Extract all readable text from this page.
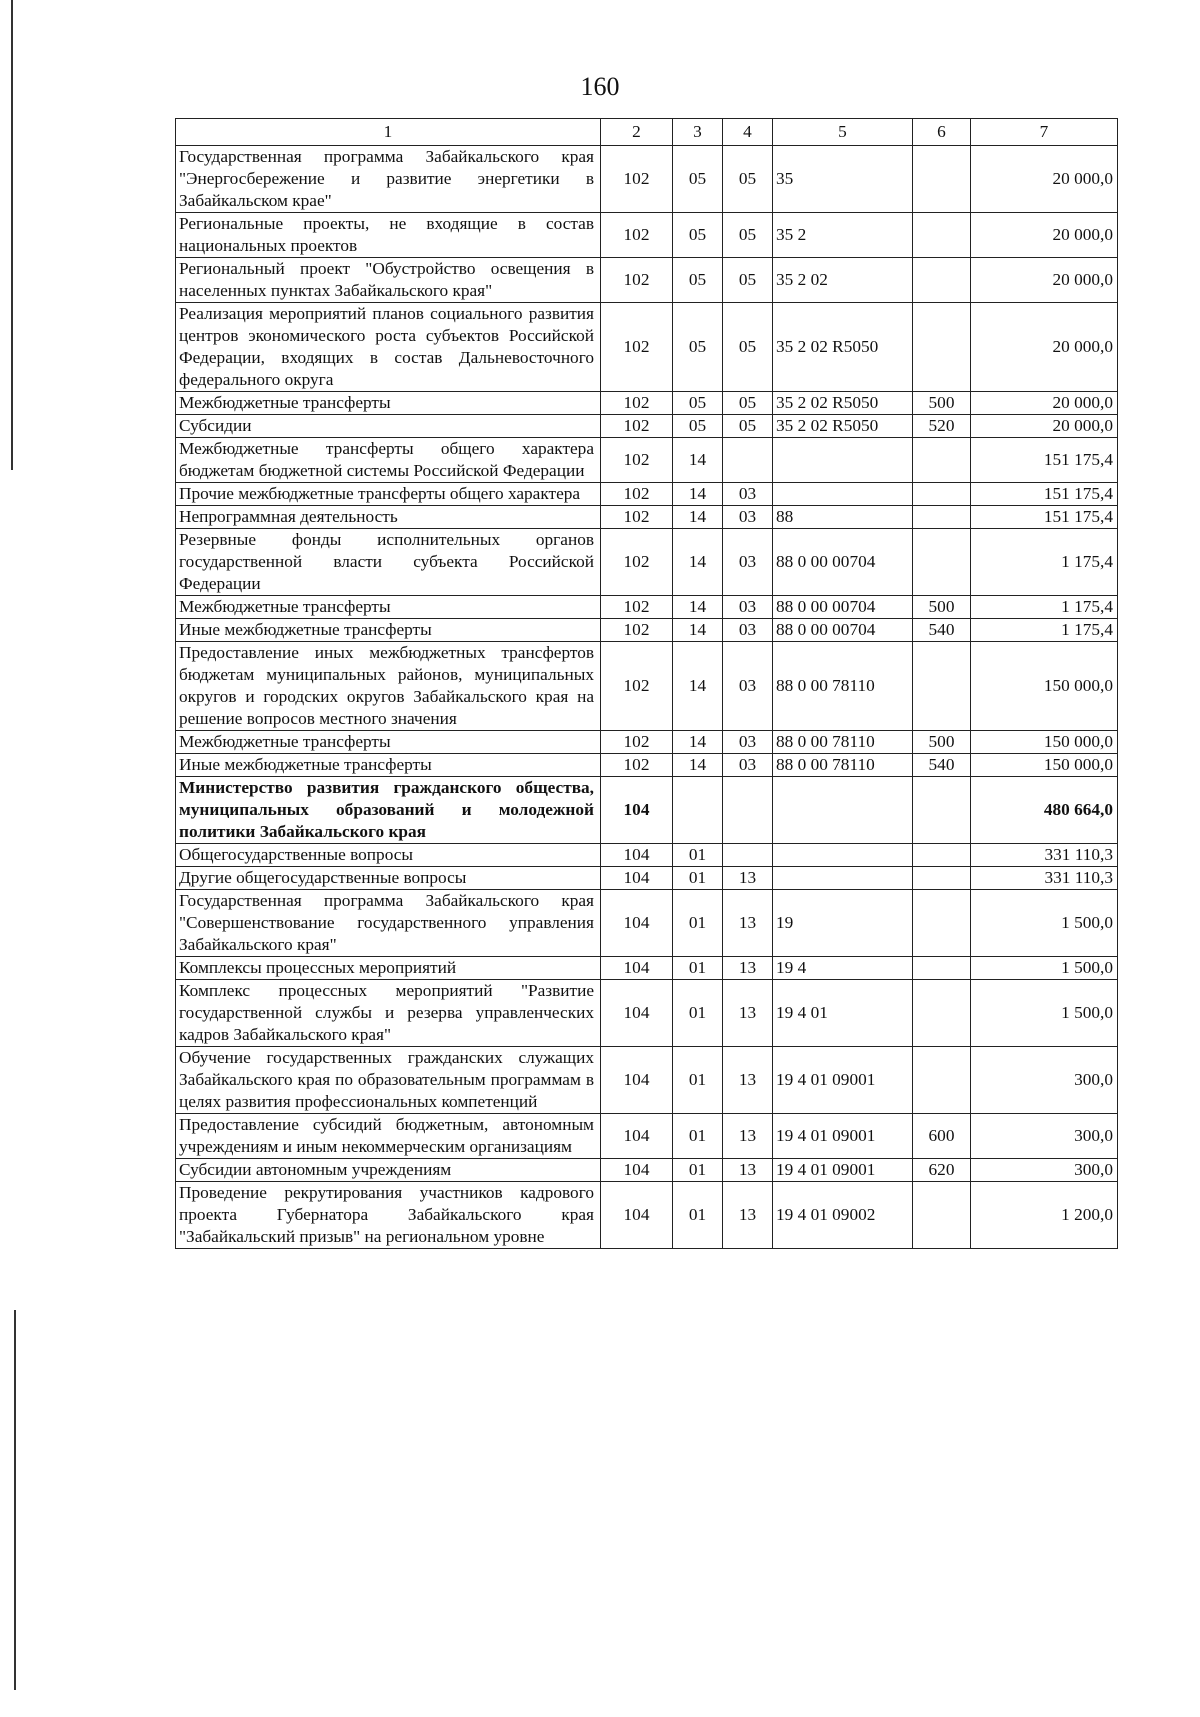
160
1	2	3	4	5	6	7
Государственная программа Забайкальского края "Энергосбережение и развитие энергетики в Забайкальском крае"	102	05	05	35		20 000,0
Региональные проекты, не входящие в состав национальных проектов	102	05	05	35 2		20 000,0
Региональный проект "Обустройство освещения в населенных пунктах Забайкальского края"	102	05	05	35 2 02		20 000,0
Реализация мероприятий планов социального развития центров экономического роста субъектов Российской Федерации, входящих в состав Дальневосточного федерального округа	102	05	05	35 2 02 R5050		20 000,0
Межбюджетные трансферты	102	05	05	35 2 02 R5050	500	20 000,0
Субсидии	102	05	05	35 2 02 R5050	520	20 000,0
Межбюджетные трансферты общего характера бюджетам бюджетной системы Российской Федерации	102	14				151 175,4
Прочие межбюджетные трансферты общего характера	102	14	03			151 175,4
Непрограммная деятельность	102	14	03	88		151 175,4
Резервные фонды исполнительных органов государственной власти субъекта Российской Федерации	102	14	03	88 0 00 00704		1 175,4
Межбюджетные трансферты	102	14	03	88 0 00 00704	500	1 175,4
Иные межбюджетные трансферты	102	14	03	88 0 00 00704	540	1 175,4
Предоставление иных межбюджетных трансфертов бюджетам муниципальных районов, муниципальных округов и городских округов Забайкальского края на решение вопросов местного значения	102	14	03	88 0 00 78110		150 000,0
Межбюджетные трансферты	102	14	03	88 0 00 78110	500	150 000,0
Иные межбюджетные трансферты	102	14	03	88 0 00 78110	540	150 000,0
Министерство развития гражданского общества, муниципальных образований и молодежной политики Забайкальского края	104					480 664,0
Общегосударственные вопросы	104	01				331 110,3
Другие общегосударственные вопросы	104	01	13			331 110,3
Государственная программа Забайкальского края "Совершенствование государственного управления Забайкальского края"	104	01	13	19		1 500,0
Комплексы процессных мероприятий	104	01	13	19 4		1 500,0
Комплекс процессных мероприятий "Развитие государственной службы и резерва управленческих кадров Забайкальского края"	104	01	13	19 4 01		1 500,0
Обучение государственных гражданских служащих Забайкальского края по образовательным программам в целях развития профессиональных компетенций	104	01	13	19 4 01 09001		300,0
Предоставление субсидий бюджетным, автономным учреждениям и иным некоммерческим организациям	104	01	13	19 4 01 09001	600	300,0
Субсидии автономным учреждениям	104	01	13	19 4 01 09001	620	300,0
Проведение рекрутирования участников кадрового проекта Губернатора Забайкальского края "Забайкальский призыв" на региональном уровне	104	01	13	19 4 01 09002		1 200,0
